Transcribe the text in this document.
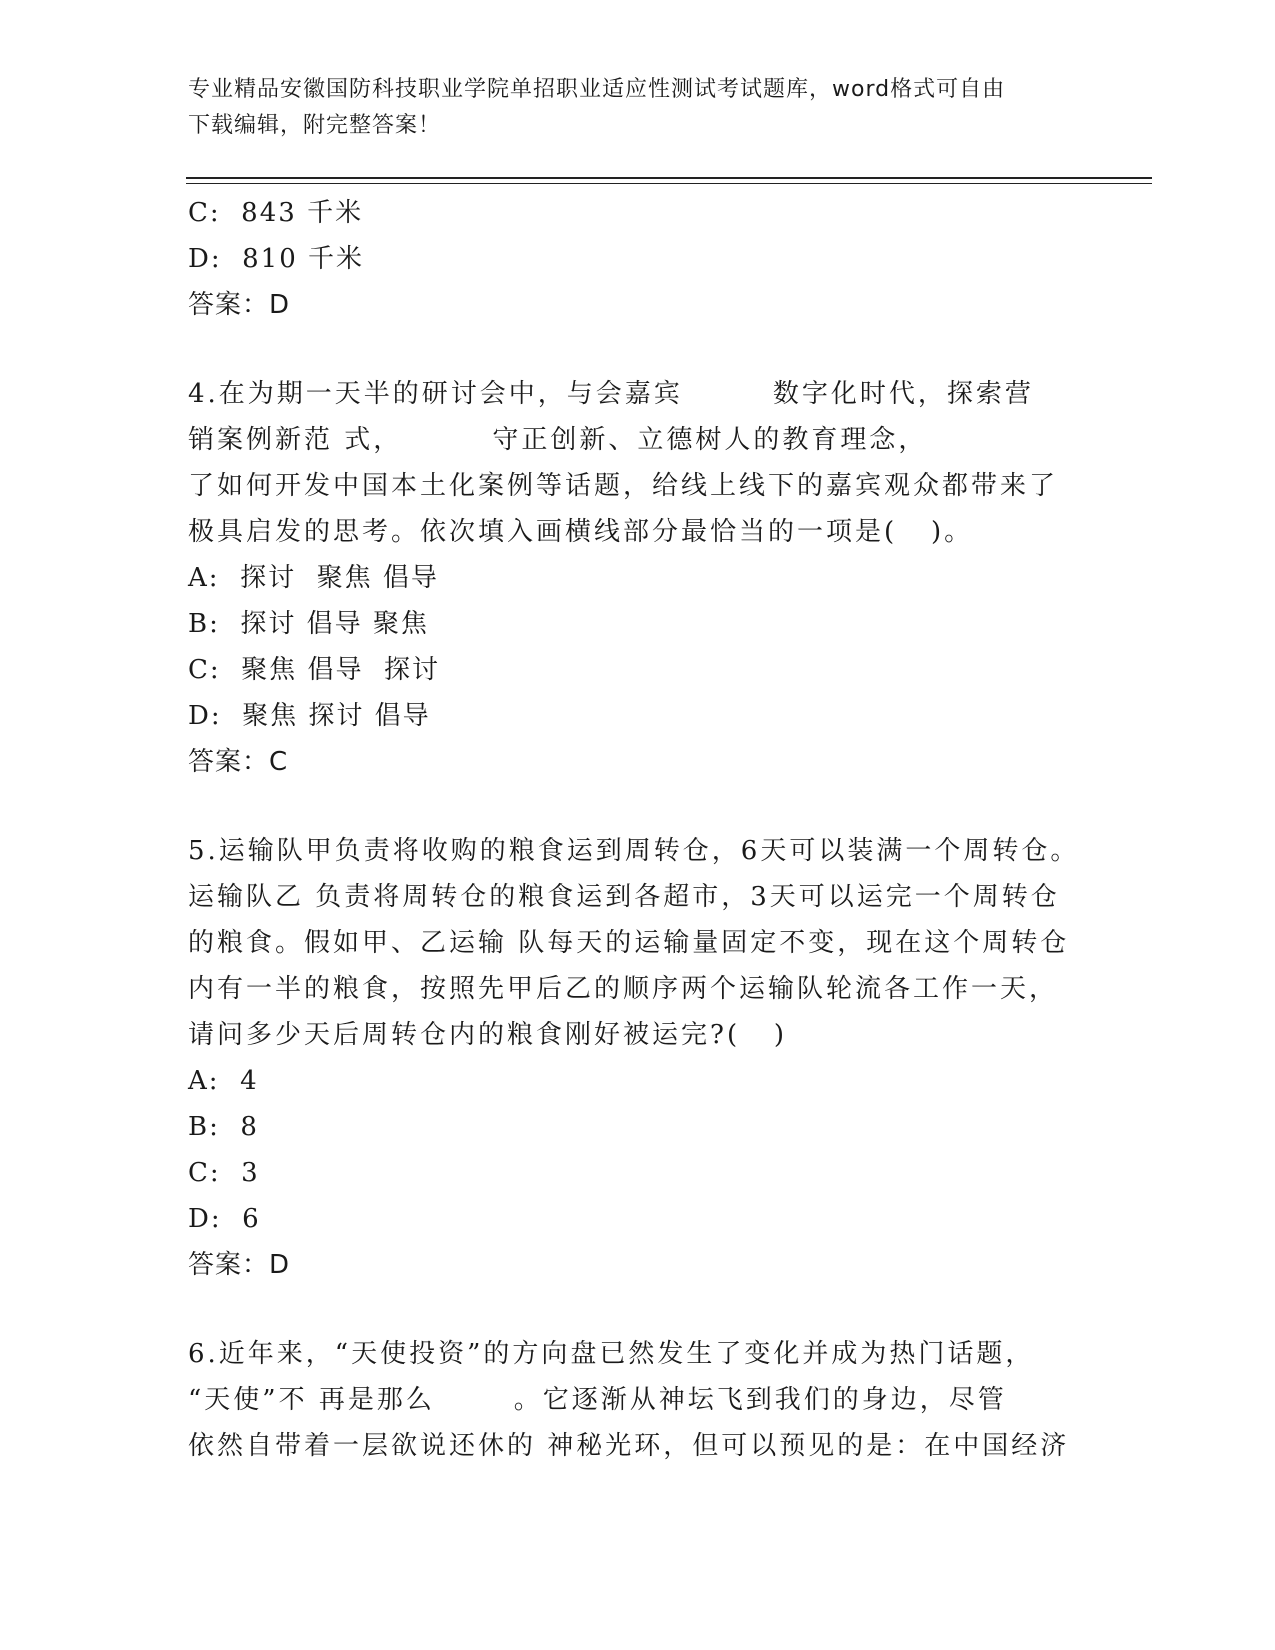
专业精品安徽国防科技职业学院单招职业适应性测试考试题库，word格式可自由
下载编辑，附完整答案！
C:  843 千米
D:  810 千米
答案：D
4.在为期一天半的研讨会中，与会嘉宾        数字化时代，探索营
销案例新范 式，        守正创新、立德树人的教育理念，
了如何开发中国本土化案例等话题，给线上线下的嘉宾观众都带来了
极具启发的思考。依次填入画横线部分最恰当的一项是(   )。
A:  探讨  聚焦 倡导
B:  探讨 倡导 聚焦
C:  聚焦 倡导  探讨
D:  聚焦 探讨 倡导
答案：C
5.运输队甲负责将收购的粮食运到周转仓，6天可以装满一个周转仓。
运输队乙 负责将周转仓的粮食运到各超市，3天可以运完一个周转仓
的粮食。假如甲、乙运输 队每天的运输量固定不变，现在这个周转仓
内有一半的粮食，按照先甲后乙的顺序两个运输队轮流各工作一天，
请问多少天后周转仓内的粮食刚好被运完?(   )
A:  4
B:  8
C:  3
D:  6
答案：D
6.近年来，“天使投资”的方向盘已然发生了变化并成为热门话题，
“天使”不 再是那么       。它逐渐从神坛飞到我们的身边，尽管
依然自带着一层欲说还休的 神秘光环，但可以预见的是：在中国经济
